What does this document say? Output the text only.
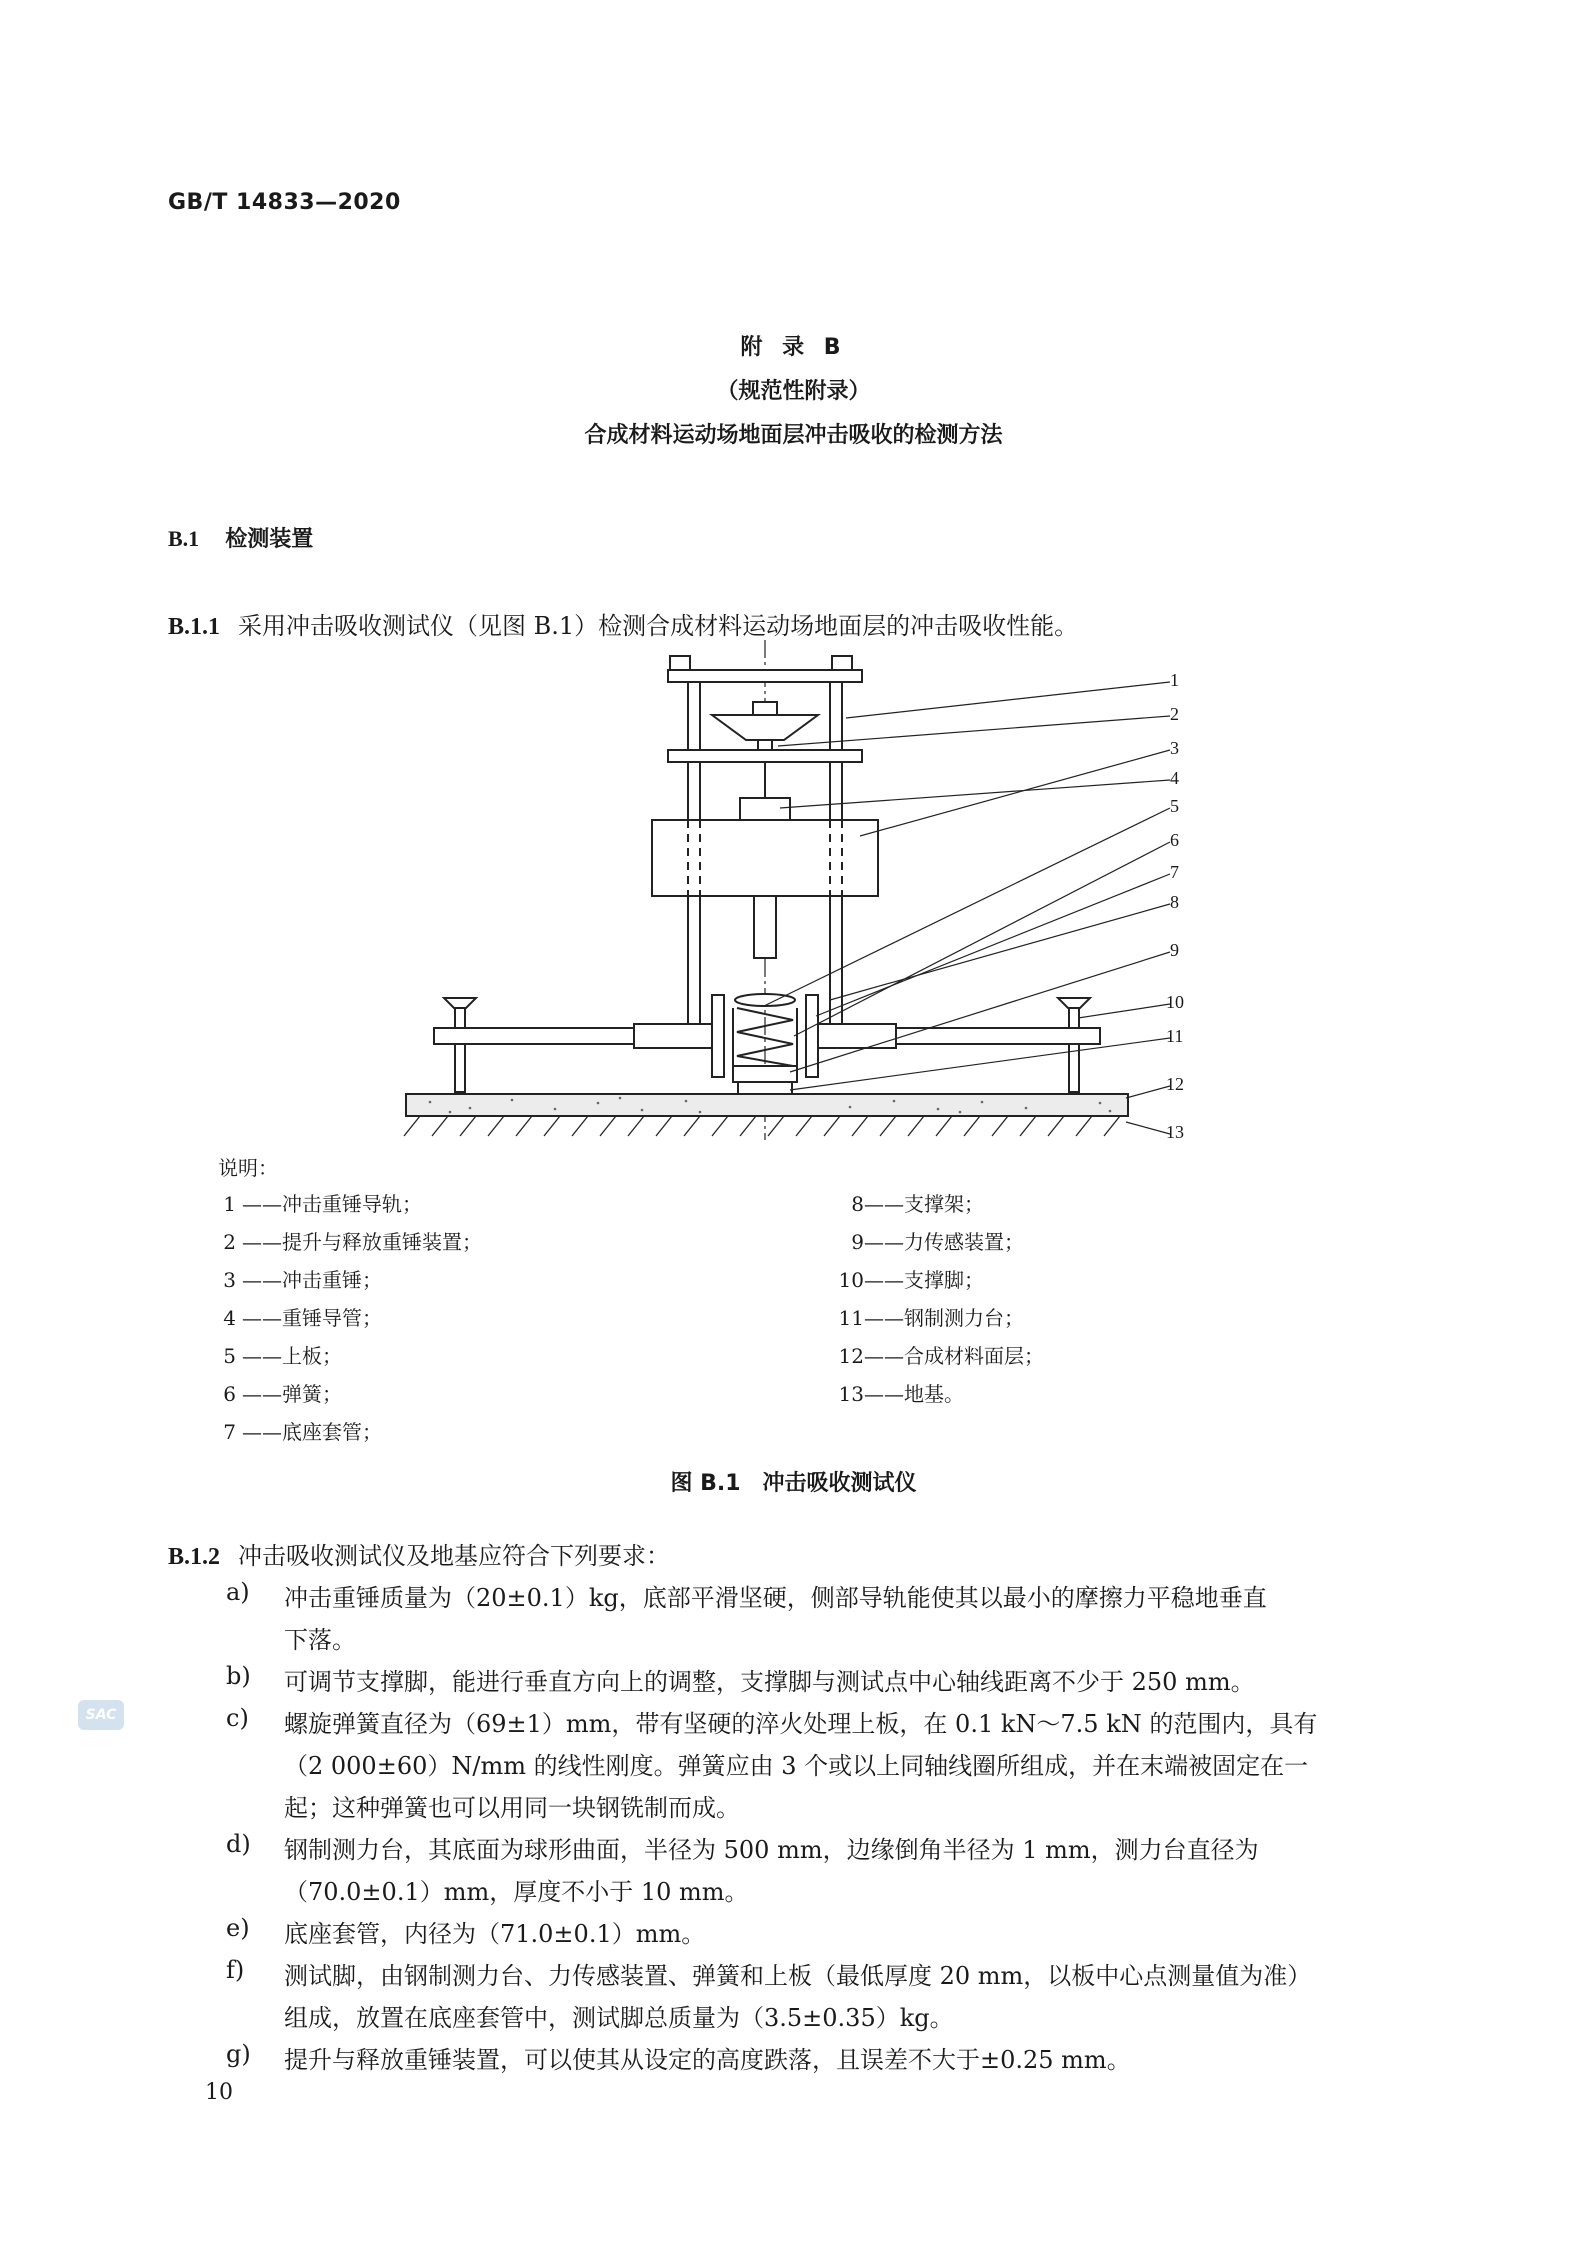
GB/T 14833—2020
附 录 B
（规范性附录）
合成材料运动场地面层冲击吸收的检测方法
B.1 检测装置
B.1.1 采用冲击吸收测试仪（见图 B.1）检测合成材料运动场地面层的冲击吸收性能。
1
2
3
4
5
6
7
8
9
10
11
12
13
说明：
1 ——冲击重锤导轨；
2 ——提升与释放重锤装置；
3 ——冲击重锤；
4 ——重锤导管；
5 ——上板；
6 ——弹簧；
7 ——底座套管；
8——支撑架；
9——力传感装置；
10——支撑脚；
11——钢制测力台；
12——合成材料面层；
13——地基。
图 B.1　冲击吸收测试仪
B.1.2 冲击吸收测试仪及地基应符合下列要求：
a) 冲击重锤质量为（20±0.1）kg，底部平滑坚硬，侧部导轨能使其以最小的摩擦力平稳地垂直
下落。
b) 可调节支撑脚，能进行垂直方向上的调整，支撑脚与测试点中心轴线距离不少于 250 mm。
c) 螺旋弹簧直径为（69±1）mm，带有坚硬的淬火处理上板，在 0.1 kN～7.5 kN 的范围内，具有
（2 000±60）N/mm 的线性刚度。弹簧应由 3 个或以上同轴线圈所组成，并在末端被固定在一
起；这种弹簧也可以用同一块钢铣制而成。
d) 钢制测力台，其底面为球形曲面，半径为 500 mm，边缘倒角半径为 1 mm，测力台直径为
（70.0±0.1）mm，厚度不小于 10 mm。
e) 底座套管，内径为（71.0±0.1）mm。
f) 测试脚，由钢制测力台、力传感装置、弹簧和上板（最低厚度 20 mm，以板中心点测量值为准）
组成，放置在底座套管中，测试脚总质量为（3.5±0.35）kg。
g) 提升与释放重锤装置，可以使其从设定的高度跌落，且误差不大于±0.25 mm。
10
SAC
